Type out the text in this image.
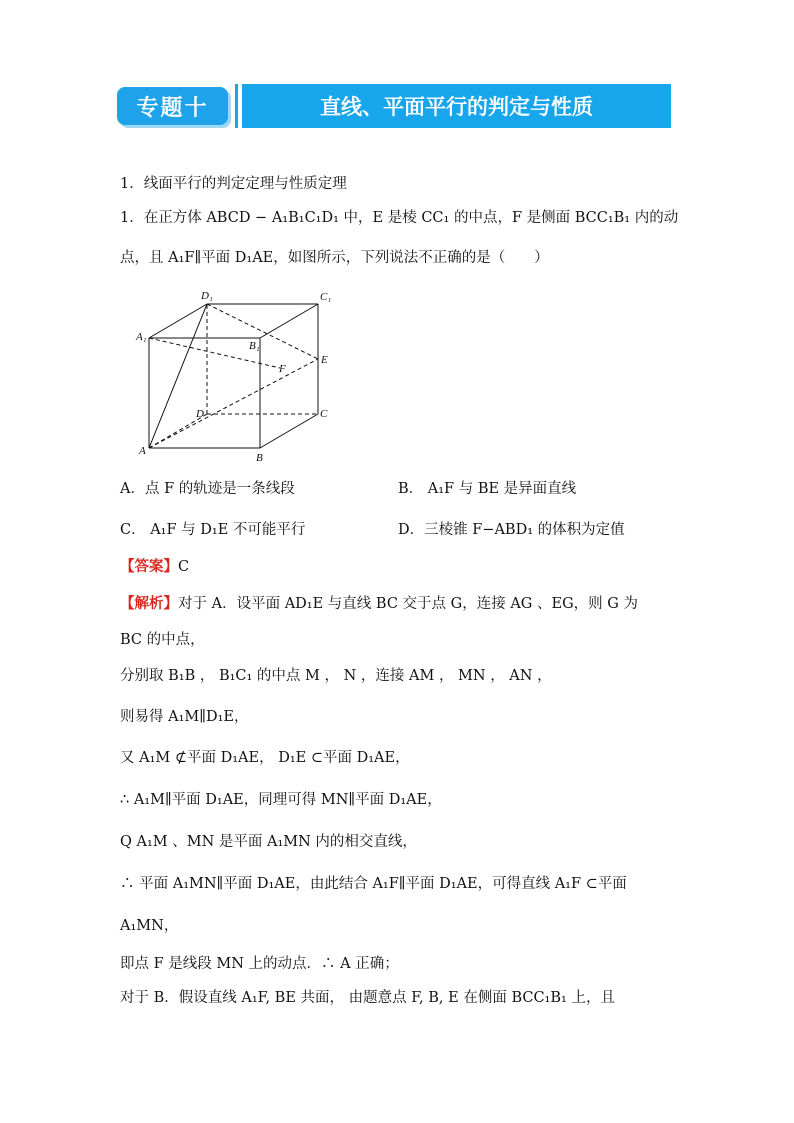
专题十	直线、平面平行的判定与性质
1．线面平行的判定定理与性质定理
1．在正方体 ABCD − A₁B₁C₁D₁ 中，E 是棱 CC₁ 的中点，F 是侧面 BCC₁B₁ 内的动
点，且 A₁F∥平面 D₁AE，如图所示，下列说法不正确的是（　　）
D₁	C₁
A₁
B₁
E
F
D	C
A
B
A．点 F 的轨迹是一条线段	B． A₁F 与 BE 是异面直线
C． A₁F 与 D₁E 不可能平行	D．三棱锥 F−ABD₁ 的体积为定值
【答案】C
【解析】对于 A．设平面 AD₁E 与直线 BC 交于点 G，连接 AG 、EG，则 G 为
BC 的中点，
分别取 B₁B ， B₁C₁ 的中点 M ， N ，连接 AM ， MN ， AN ，
则易得 A₁M∥D₁E，
又 A₁M ⊄平面 D₁AE， D₁E ⊂平面 D₁AE，
∴ A₁M∥平面 D₁AE，同理可得 MN∥平面 D₁AE，
Q A₁M 、MN 是平面 A₁MN 内的相交直线，
∴ 平面 A₁MN∥平面 D₁AE，由此结合 A₁F∥平面 D₁AE，可得直线 A₁F ⊂平面
A₁MN，
即点 F 是线段 MN 上的动点．∴ A 正确；
对于 B．假设直线 A₁F, BE 共面， 由题意点 F, B, E 在侧面 BCC₁B₁ 上，且
